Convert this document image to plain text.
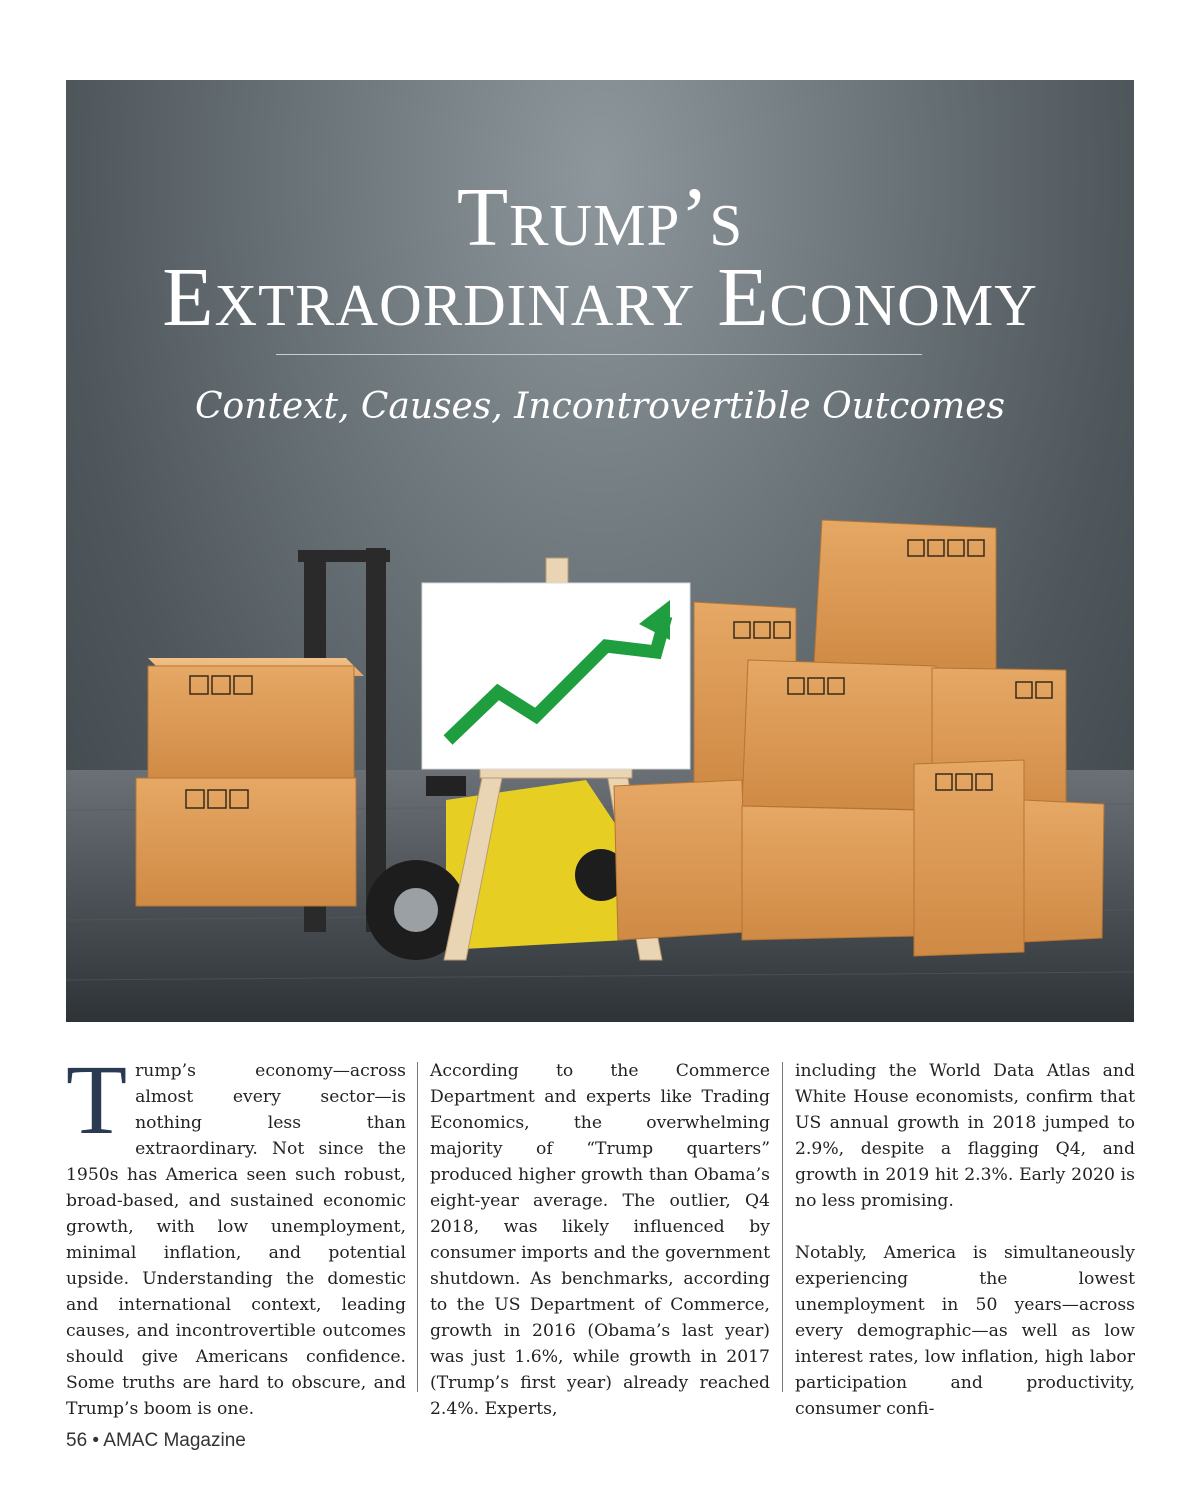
Trump’s
Extraordinary Economy
Context, Causes, Incontrovertible Outcomes

Trump’s economy—across almost every sector—is nothing less than extraordinary. Not since the 1950s has America seen such robust, broad-based, and sustained economic growth, with low unemployment, minimal inflation, and potential upside. Understanding the domestic and international context, leading causes, and incontrovertible outcomes should give Americans confidence. Some truths are hard to obscure, and Trump’s boom is one.

According to the Commerce Department and experts like Trading Economics, the overwhelming majority of “Trump quarters” produced higher growth than Obama’s eight-year average. The outlier, Q4 2018, was likely influenced by consumer imports and the government shutdown. As benchmarks, according to the US Department of Commerce, growth in 2016 (Obama’s last year) was just 1.6%, while growth in 2017 (Trump’s first year) already reached 2.4%. Experts,

including the World Data Atlas and White House economists, confirm that US annual growth in 2018 jumped to 2.9%, despite a flagging Q4, and growth in 2019 hit 2.3%. Early 2020 is no less promising.

Notably, America is simultaneously experiencing the lowest unemployment in 50 years—across every demographic—as well as low interest rates, low inflation, high labor participation and productivity, consumer confi-

56 • AMAC Magazine
